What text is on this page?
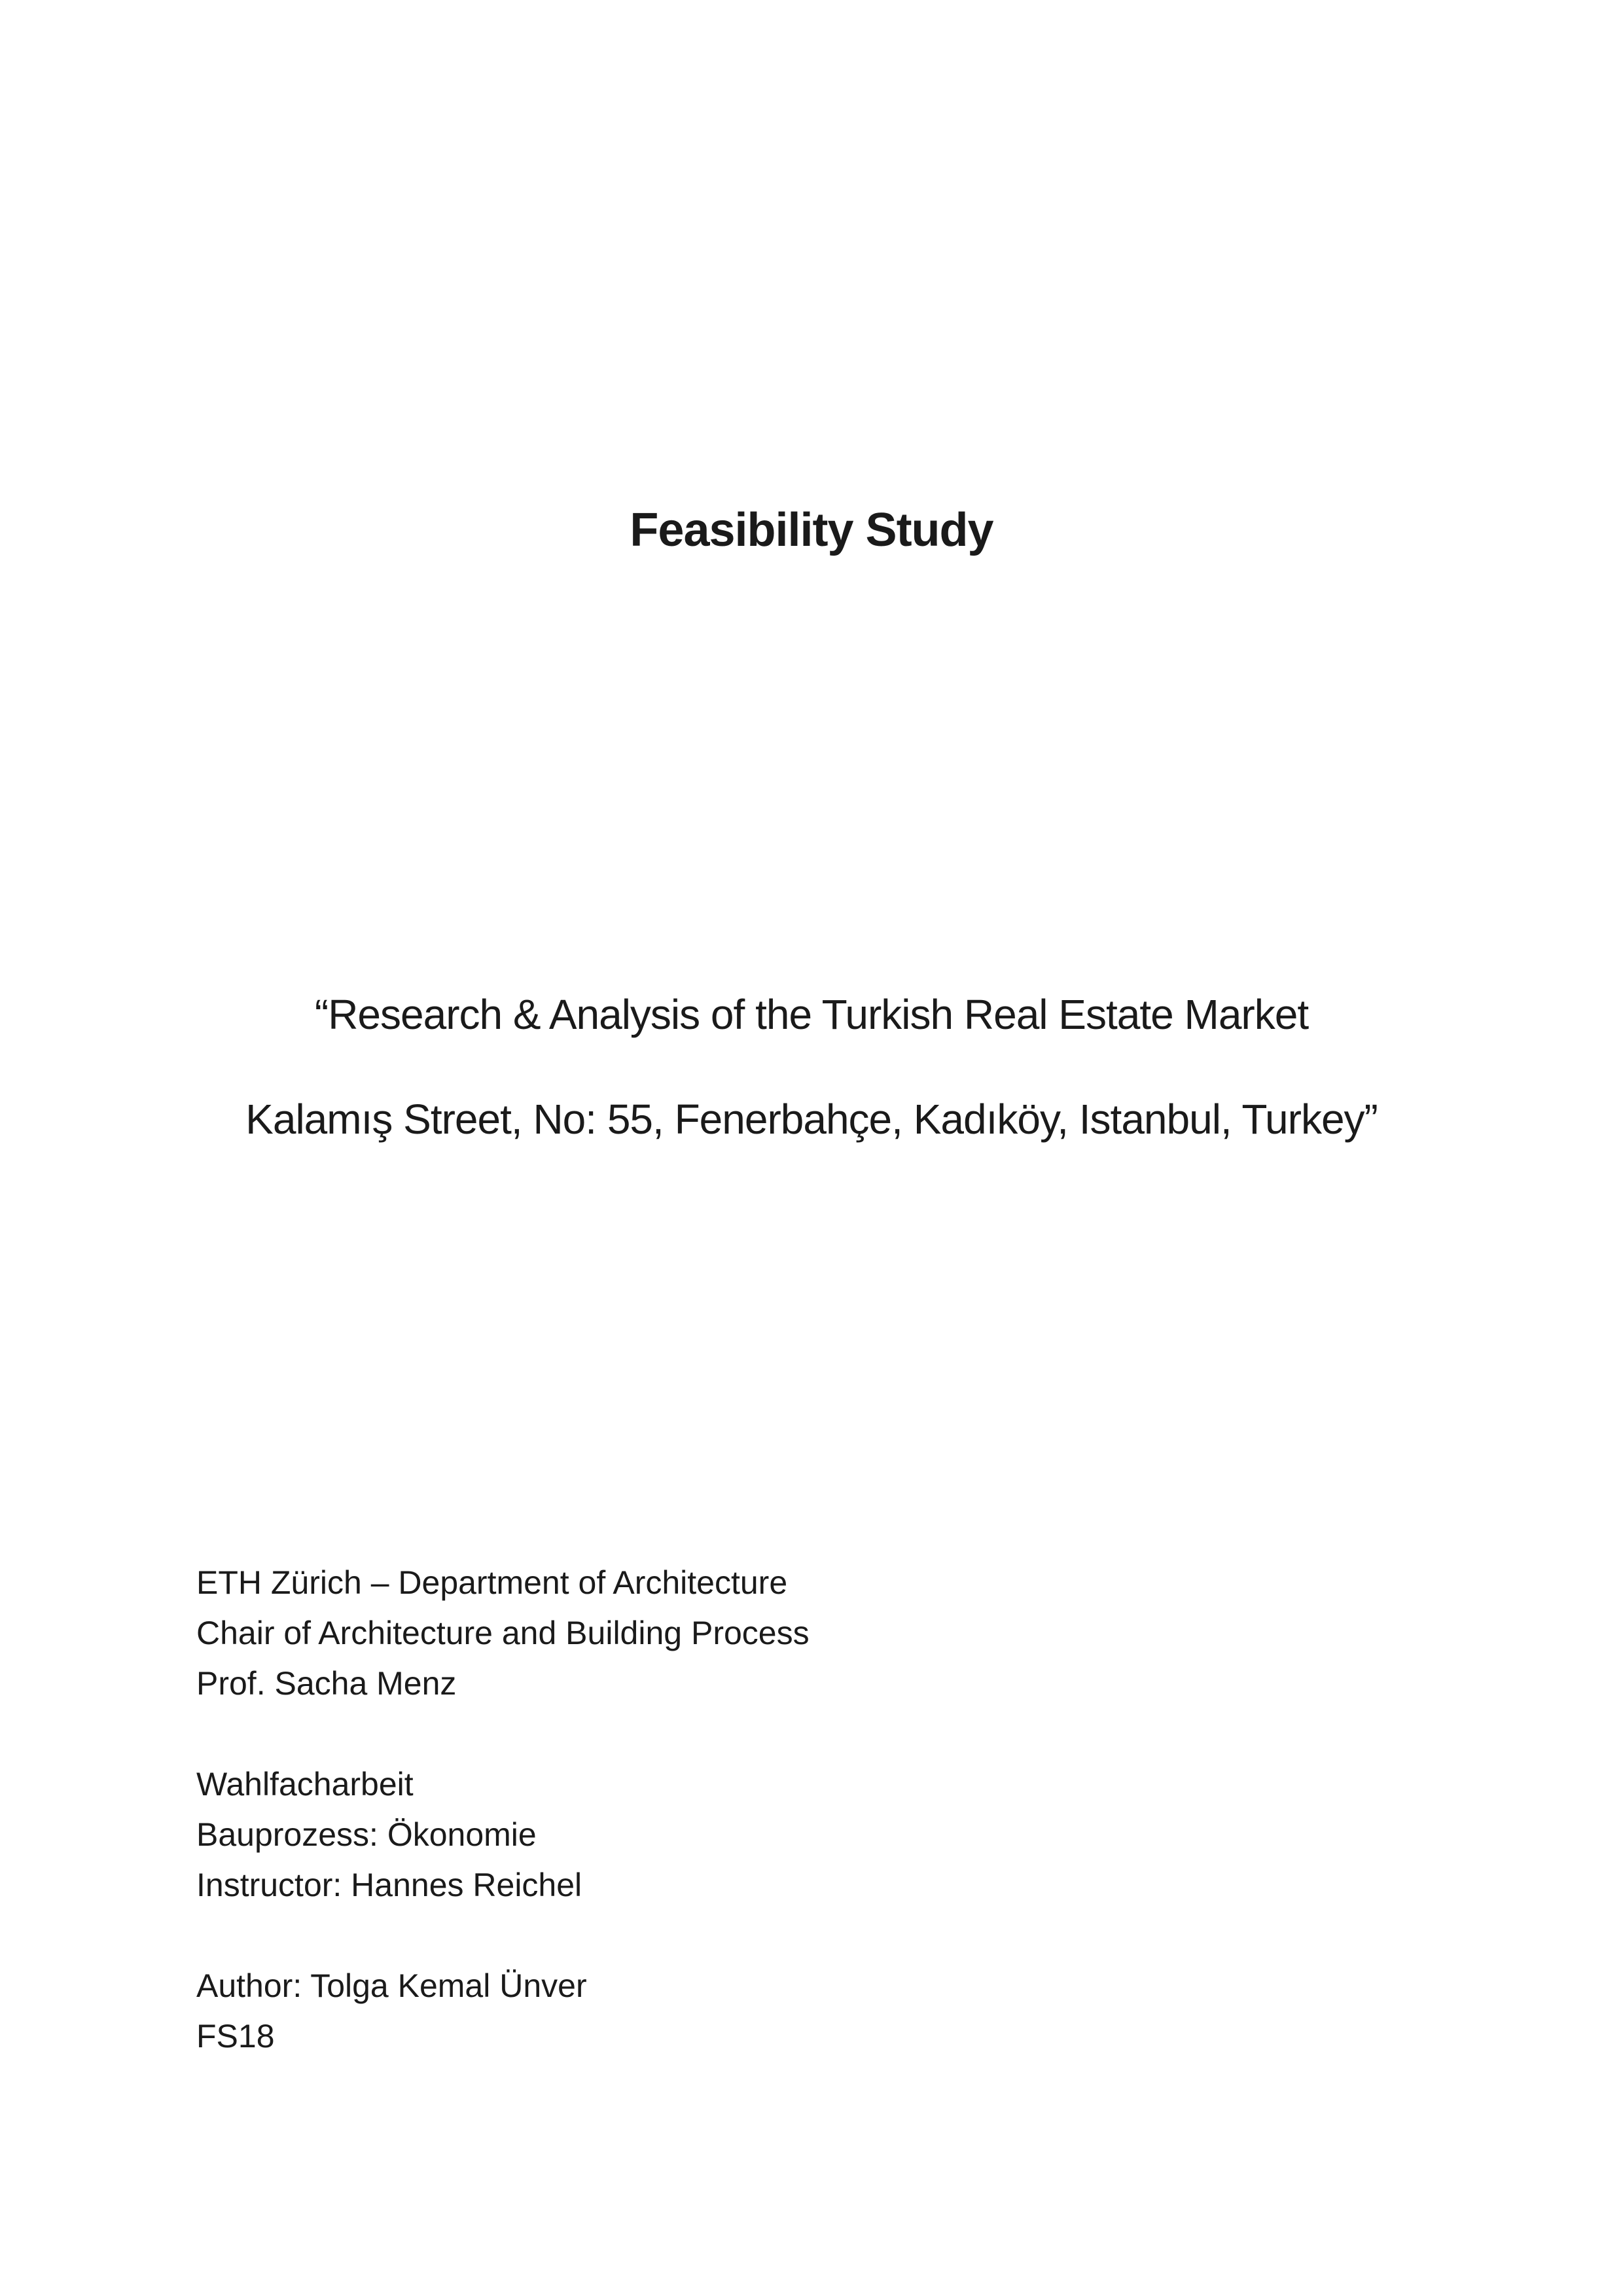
Feasibility Study
“Research & Analysis of the Turkish Real Estate Market
Kalamış Street, No: 55, Fenerbahçe, Kadıköy, Istanbul, Turkey”
ETH Zürich – Department of Architecture
Chair of Architecture and Building Process
Prof. Sacha Menz
Wahlfacharbeit
Bauprozess: Ökonomie
Instructor: Hannes Reichel
Author: Tolga Kemal Ünver
FS18
